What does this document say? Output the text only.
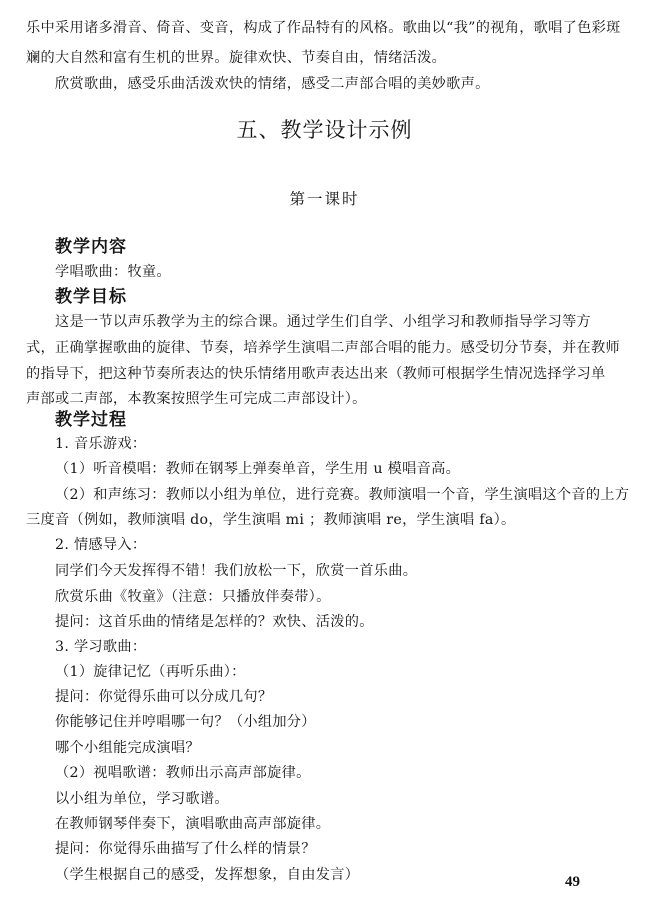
乐中采用诸多滑音、倚音、变音，构成了作品特有的风格。歌曲以“我”的视角，歌唱了色彩斑
斓的大自然和富有生机的世界。旋律欢快、节奏自由，情绪活泼。
欣赏歌曲，感受乐曲活泼欢快的情绪，感受二声部合唱的美妙歌声。
五、教学设计示例
第一课时
教学内容
学唱歌曲：牧童。
教学目标
这是一节以声乐教学为主的综合课。通过学生们自学、小组学习和教师指导学习等方
式，正确掌握歌曲的旋律、节奏，培养学生演唱二声部合唱的能力。感受切分节奏，并在教师
的指导下，把这种节奏所表达的快乐情绪用歌声表达出来（教师可根据学生情况选择学习单
声部或二声部，本教案按照学生可完成二声部设计）。
教学过程
1. 音乐游戏：
（1）听音模唱：教师在钢琴上弹奏单音，学生用 u 模唱音高。
（2）和声练习：教师以小组为单位，进行竞赛。教师演唱一个音，学生演唱这个音的上方
三度音（例如，教师演唱 do，学生演唱 mi ；教师演唱 re，学生演唱 fa）。
2. 情感导入：
同学们今天发挥得不错！我们放松一下，欣赏一首乐曲。
欣赏乐曲《牧童》（注意：只播放伴奏带）。
提问：这首乐曲的情绪是怎样的？欢快、活泼的。
3. 学习歌曲：
（1）旋律记忆（再听乐曲）：
提问：你觉得乐曲可以分成几句？
你能够记住并哼唱哪一句？（小组加分）
哪个小组能完成演唱？
（2）视唱歌谱：教师出示高声部旋律。
以小组为单位，学习歌谱。
在教师钢琴伴奏下，演唱歌曲高声部旋律。
提问：你觉得乐曲描写了什么样的情景？
（学生根据自己的感受，发挥想象，自由发言）	49
